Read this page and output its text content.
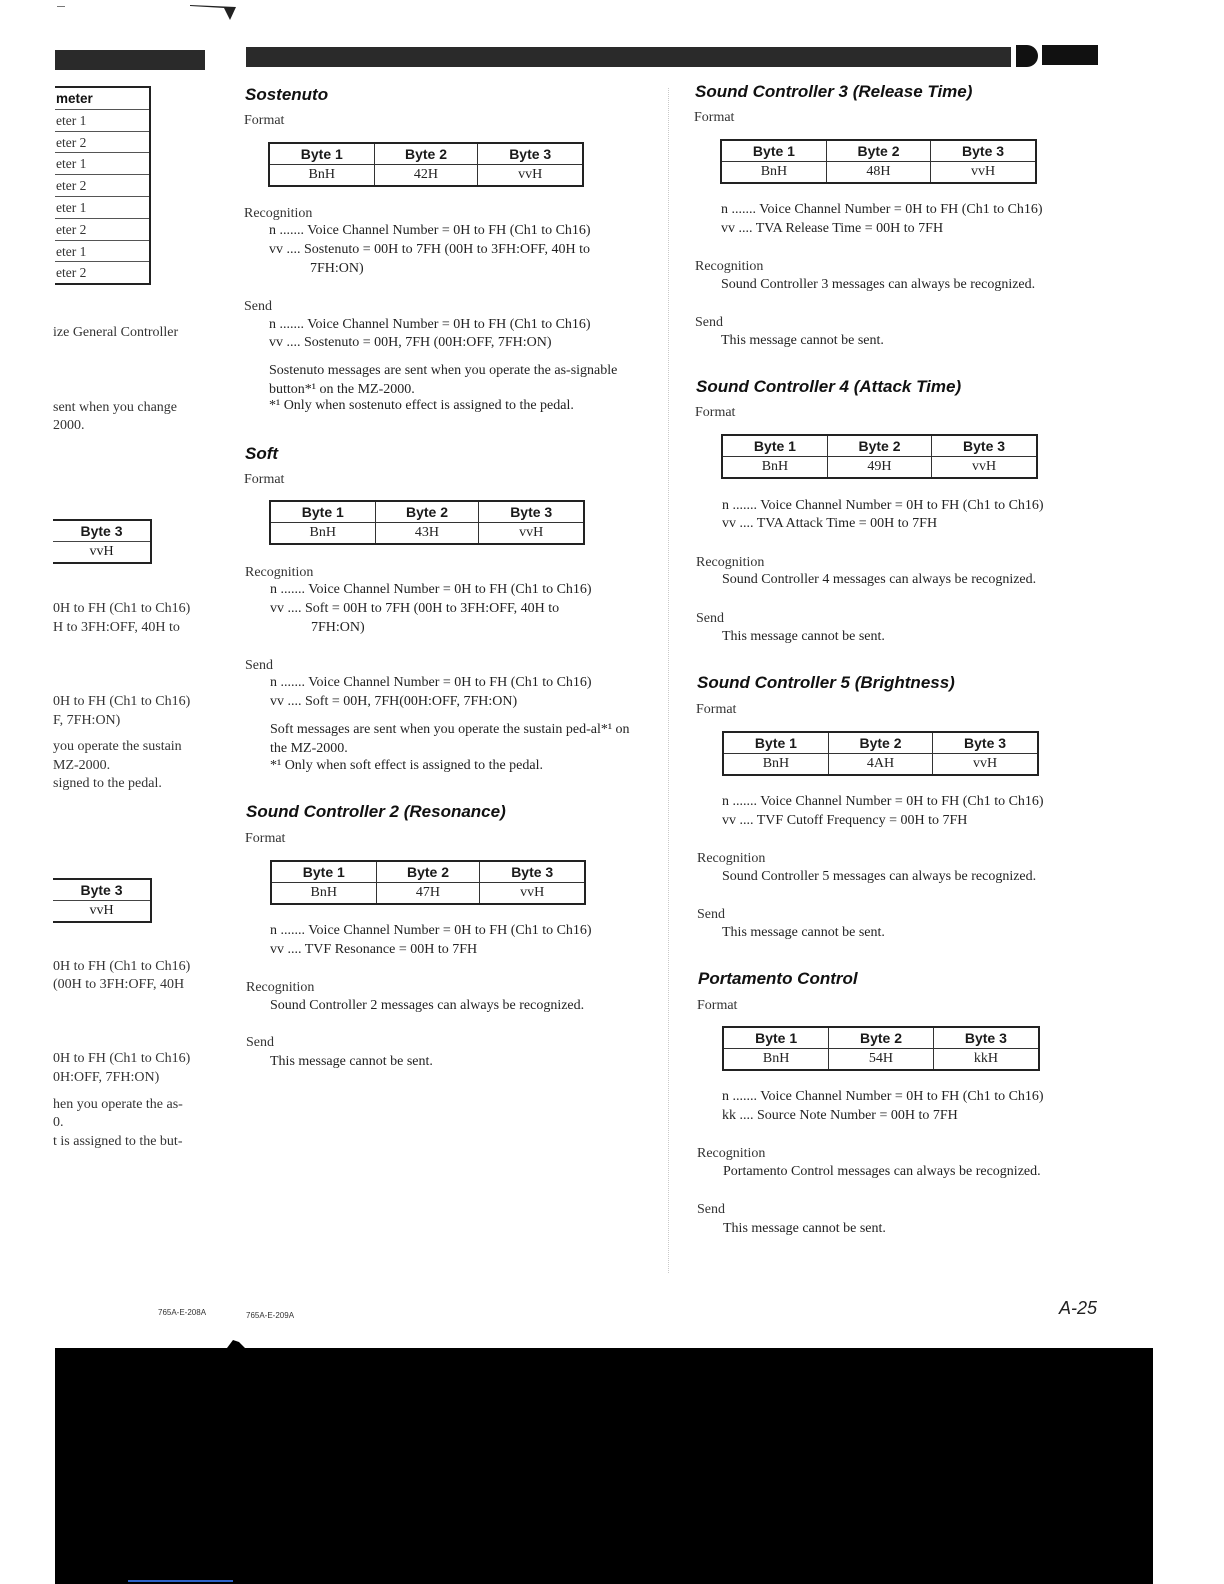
meter
eter 1
eter 2
eter 1
eter 2
eter 1
eter 2
eter 1
eter 2
ize General Controller
sent when you change
2000.
Byte 3
vvH
0H to FH (Ch1 to Ch16)
H to 3FH:OFF, 40H to
0H to FH (Ch1 to Ch16)
F, 7FH:ON)
you operate the sustain
MZ-2000.
signed to the pedal.
Byte 3
vvH
0H to FH (Ch1 to Ch16)
(00H to 3FH:OFF, 40H
0H to FH (Ch1 to Ch16)
0H:OFF, 7FH:ON)
hen you operate the as-
0.
t is assigned to the but-
765A-E-208A
Sostenuto
Format
Byte 1	Byte 2	Byte 3
BnH	42H	vvH
Recognition
n ....... Voice Channel Number = 0H to FH (Ch1 to Ch16)
vv .... Sostenuto = 00H to 7FH (00H to 3FH:OFF, 40H to
7FH:ON)
Send
n ....... Voice Channel Number = 0H to FH (Ch1 to Ch16)
vv .... Sostenuto = 00H, 7FH (00H:OFF, 7FH:ON)
Sostenuto messages are sent when you operate the as-signable button*¹ on the MZ-2000.
*¹ Only when sostenuto effect is assigned to the pedal.
Soft
Format
Byte 1	Byte 2	Byte 3
BnH	43H	vvH
Recognition
n ....... Voice Channel Number = 0H to FH (Ch1 to Ch16)
vv .... Soft = 00H to 7FH (00H to 3FH:OFF, 40H to
7FH:ON)
Send
n ....... Voice Channel Number = 0H to FH (Ch1 to Ch16)
vv .... Soft = 00H, 7FH(00H:OFF, 7FH:ON)
Soft messages are sent when you operate the sustain ped-al*¹ on the MZ-2000.
*¹ Only when soft effect is assigned to the pedal.
Sound Controller 2 (Resonance)
Format
Byte 1	Byte 2	Byte 3
BnH	47H	vvH
n ....... Voice Channel Number = 0H to FH (Ch1 to Ch16)
vv .... TVF Resonance = 00H to 7FH
Recognition
Sound Controller 2 messages can always be recognized.
Send
This message cannot be sent.
765A-E-209A
Sound Controller 3 (Release Time)
Format
Byte 1	Byte 2	Byte 3
BnH	48H	vvH
n ....... Voice Channel Number = 0H to FH (Ch1 to Ch16)
vv .... TVA Release Time = 00H to 7FH
Recognition
Sound Controller 3 messages can always be recognized.
Send
This message cannot be sent.
Sound Controller 4 (Attack Time)
Format
Byte 1	Byte 2	Byte 3
BnH	49H	vvH
n ....... Voice Channel Number = 0H to FH (Ch1 to Ch16)
vv .... TVA Attack Time = 00H to 7FH
Recognition
Sound Controller 4 messages can always be recognized.
Send
This message cannot be sent.
Sound Controller 5 (Brightness)
Format
Byte 1	Byte 2	Byte 3
BnH	4AH	vvH
n ....... Voice Channel Number = 0H to FH (Ch1 to Ch16)
vv .... TVF Cutoff Frequency = 00H to 7FH
Recognition
Sound Controller 5 messages can always be recognized.
Send
This message cannot be sent.
Portamento Control
Format
Byte 1	Byte 2	Byte 3
BnH	54H	kkH
n ....... Voice Channel Number = 0H to FH (Ch1 to Ch16)
kk .... Source Note Number = 00H to 7FH
Recognition
Portamento Control messages can always be recognized.
Send
This message cannot be sent.
A-25
